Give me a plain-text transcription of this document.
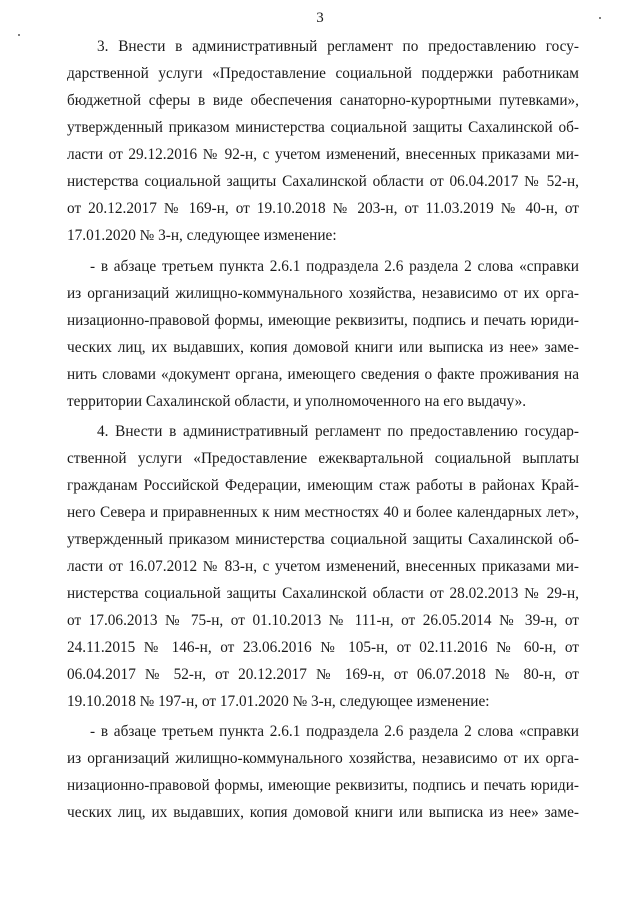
3
3. Внести в административный регламент по предоставлению госу-
дарственной услуги «Предоставление социальной поддержки работникам
бюджетной сферы в виде обеспечения санаторно-курортными путевками»,
утвержденный приказом министерства социальной защиты Сахалинской об-
ласти от 29.12.2016 № 92-н, с учетом изменений, внесенных приказами ми-
нистерства социальной защиты Сахалинской области от 06.04.2017 № 52-н,
от 20.12.2017 № 169-н, от 19.10.2018 № 203-н, от 11.03.2019 № 40-н, от
17.01.2020 № 3-н, следующее изменение:
- в абзаце третьем пункта 2.6.1 подраздела 2.6 раздела 2 слова «справки
из организаций жилищно-коммунального хозяйства, независимо от их орга-
низационно-правовой формы, имеющие реквизиты, подпись и печать юриди-
ческих лиц, их выдавших, копия домовой книги или выписка из нее» заме-
нить словами «документ органа, имеющего сведения о факте проживания на
территории Сахалинской области, и уполномоченного на его выдачу».
4. Внести в административный регламент по предоставлению государ-
ственной услуги «Предоставление ежеквартальной социальной выплаты
гражданам Российской Федерации, имеющим стаж работы в районах Край-
него Севера и приравненных к ним местностях 40 и более календарных лет»,
утвержденный приказом министерства социальной защиты Сахалинской об-
ласти от 16.07.2012 № 83-н, с учетом изменений, внесенных приказами ми-
нистерства социальной защиты Сахалинской области от 28.02.2013 № 29-н,
от 17.06.2013 № 75-н, от 01.10.2013 № 111-н, от 26.05.2014 № 39-н, от
24.11.2015 № 146-н, от 23.06.2016 № 105-н, от 02.11.2016 № 60-н, от
06.04.2017 № 52-н, от 20.12.2017 № 169-н, от 06.07.2018 № 80-н, от
19.10.2018 № 197-н, от 17.01.2020 № 3-н, следующее изменение:
- в абзаце третьем пункта 2.6.1 подраздела 2.6 раздела 2 слова «справки
из организаций жилищно-коммунального хозяйства, независимо от их орга-
низационно-правовой формы, имеющие реквизиты, подпись и печать юриди-
ческих лиц, их выдавших, копия домовой книги или выписка из нее» заме-
